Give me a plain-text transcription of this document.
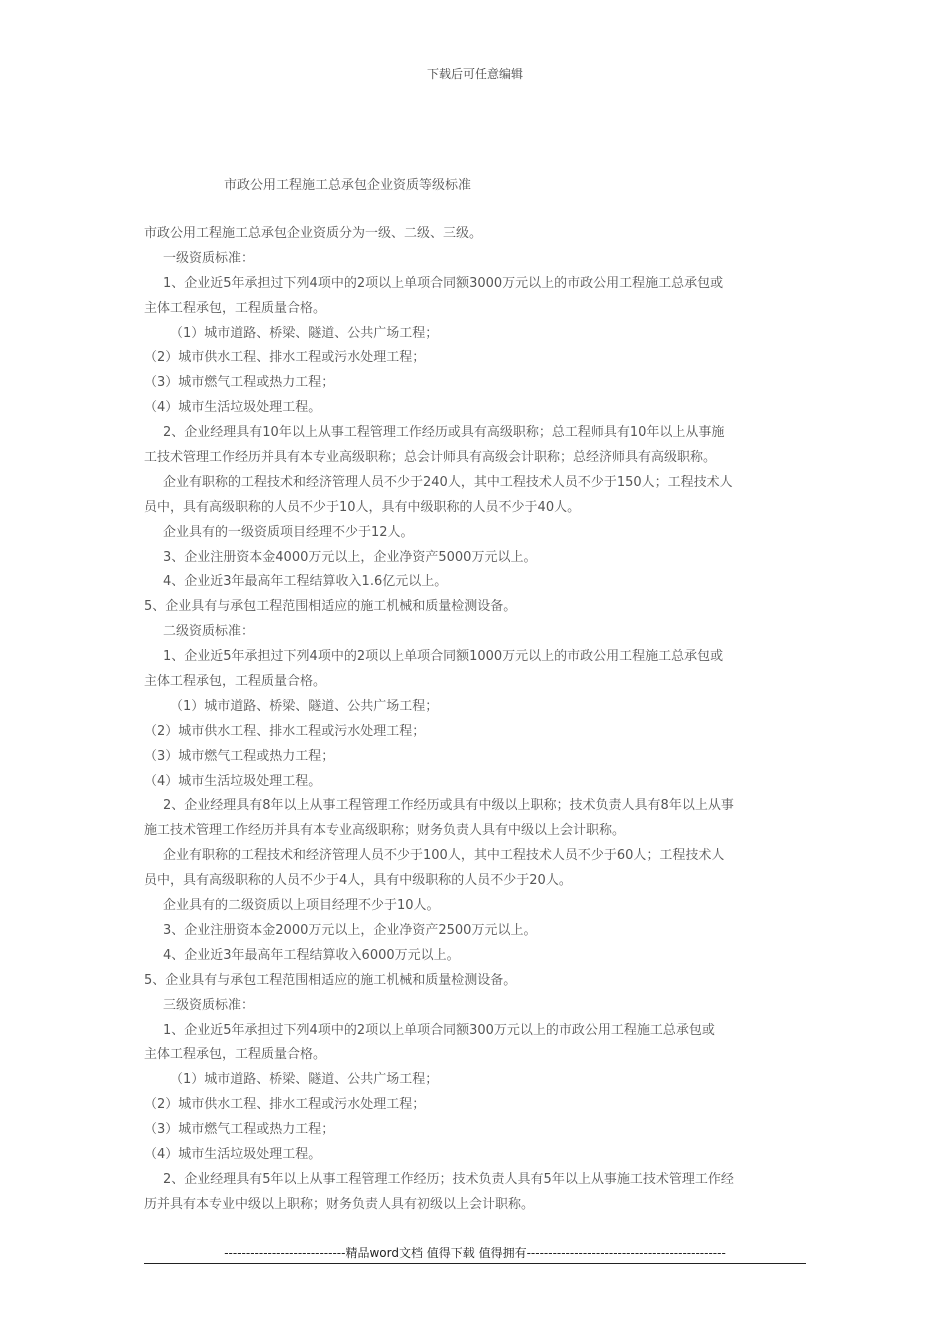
下载后可任意编辑
市政公用工程施工总承包企业资质等级标准
市政公用工程施工总承包企业资质分为一级、二级、三级。
一级资质标准：
1、企业近5年承担过下列4项中的2项以上单项合同额3000万元以上的市政公用工程施工总承包或
主体工程承包，工程质量合格。
（1）城市道路、桥梁、隧道、公共广场工程；
（2）城市供水工程、排水工程或污水处理工程；
（3）城市燃气工程或热力工程；
（4）城市生活垃圾处理工程。
2、企业经理具有10年以上从事工程管理工作经历或具有高级职称；总工程师具有10年以上从事施
工技术管理工作经历并具有本专业高级职称；总会计师具有高级会计职称；总经济师具有高级职称。
企业有职称的工程技术和经济管理人员不少于240人，其中工程技术人员不少于150人；工程技术人
员中，具有高级职称的人员不少于10人，具有中级职称的人员不少于40人。
企业具有的一级资质项目经理不少于12人。
3、企业注册资本金4000万元以上，企业净资产5000万元以上。
4、企业近3年最高年工程结算收入1.6亿元以上。
5、企业具有与承包工程范围相适应的施工机械和质量检测设备。
二级资质标准：
1、企业近5年承担过下列4项中的2项以上单项合同额1000万元以上的市政公用工程施工总承包或
主体工程承包，工程质量合格。
（1）城市道路、桥梁、隧道、公共广场工程；
（2）城市供水工程、排水工程或污水处理工程；
（3）城市燃气工程或热力工程；
（4）城市生活垃圾处理工程。
2、企业经理具有8年以上从事工程管理工作经历或具有中级以上职称；技术负责人具有8年以上从事
施工技术管理工作经历并具有本专业高级职称；财务负责人具有中级以上会计职称。
企业有职称的工程技术和经济管理人员不少于100人，其中工程技术人员不少于60人；工程技术人
员中，具有高级职称的人员不少于4人，具有中级职称的人员不少于20人。
企业具有的二级资质以上项目经理不少于10人。
3、企业注册资本金2000万元以上，企业净资产2500万元以上。
4、企业近3年最高年工程结算收入6000万元以上。
5、企业具有与承包工程范围相适应的施工机械和质量检测设备。
三级资质标准：
1、企业近5年承担过下列4项中的2项以上单项合同额300万元以上的市政公用工程施工总承包或
主体工程承包，工程质量合格。
（1）城市道路、桥梁、隧道、公共广场工程；
（2）城市供水工程、排水工程或污水处理工程；
（3）城市燃气工程或热力工程；
（4）城市生活垃圾处理工程。
2、企业经理具有5年以上从事工程管理工作经历；技术负责人具有5年以上从事施工技术管理工作经
历并具有本专业中级以上职称；财务负责人具有初级以上会计职称。
----------------------------精品word文档 值得下载 值得拥有----------------------------------------------
